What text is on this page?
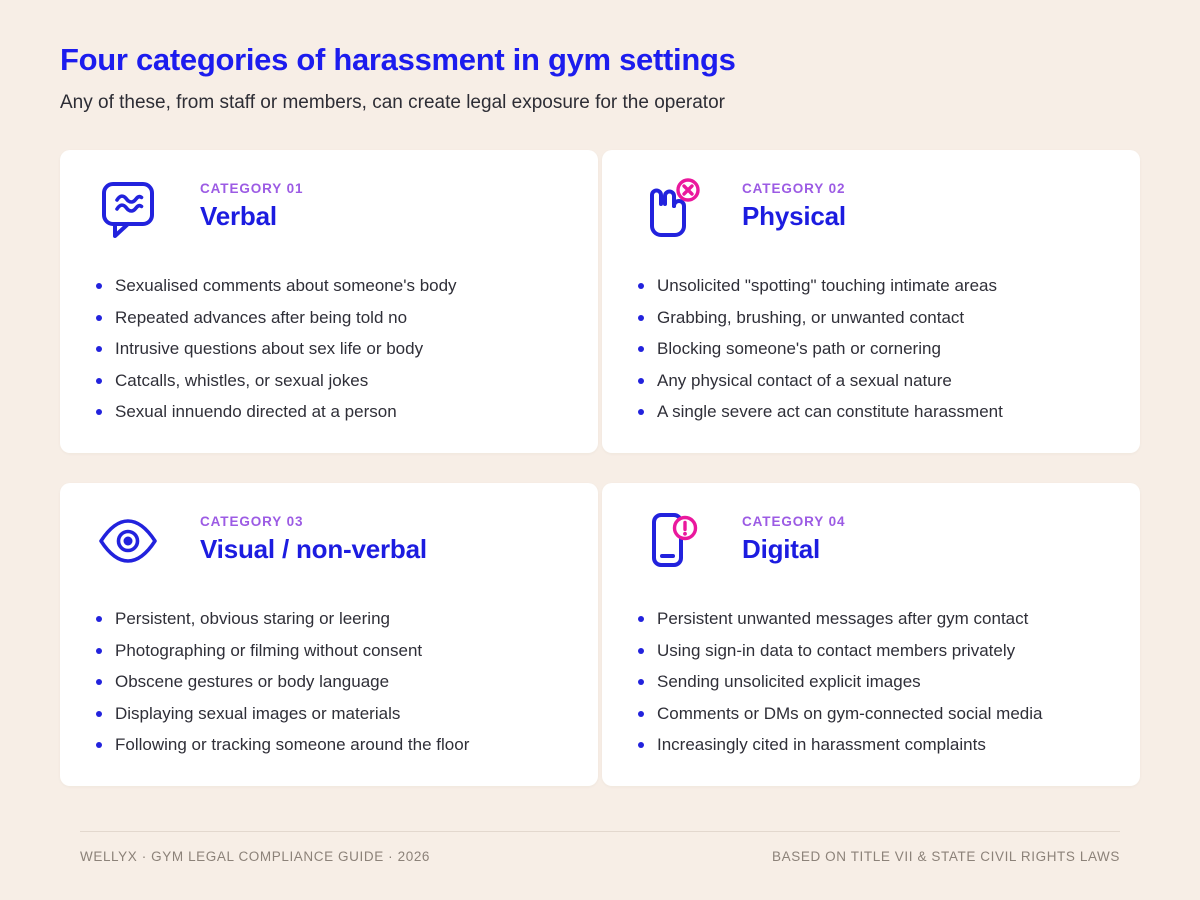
Four categories of harassment in gym settings

Any of these, from staff or members, can create legal exposure for the operator

CATEGORY 01
Verbal
Sexualised comments about someone's body
Repeated advances after being told no
Intrusive questions about sex life or body
Catcalls, whistles, or sexual jokes
Sexual innuendo directed at a person
CATEGORY 02
Physical
Unsolicited "spotting" touching intimate areas
Grabbing, brushing, or unwanted contact
Blocking someone's path or cornering
Any physical contact of a sexual nature
A single severe act can constitute harassment
CATEGORY 03
Visual / non-verbal
Persistent, obvious staring or leering
Photographing or filming without consent
Obscene gestures or body language
Displaying sexual images or materials
Following or tracking someone around the floor
CATEGORY 04
Digital
Persistent unwanted messages after gym contact
Using sign-in data to contact members privately
Sending unsolicited explicit images
Comments or DMs on gym-connected social media
Increasingly cited in harassment complaints
WELLYX · GYM LEGAL COMPLIANCE GUIDE · 2026	BASED ON TITLE VII & STATE CIVIL RIGHTS LAWS
